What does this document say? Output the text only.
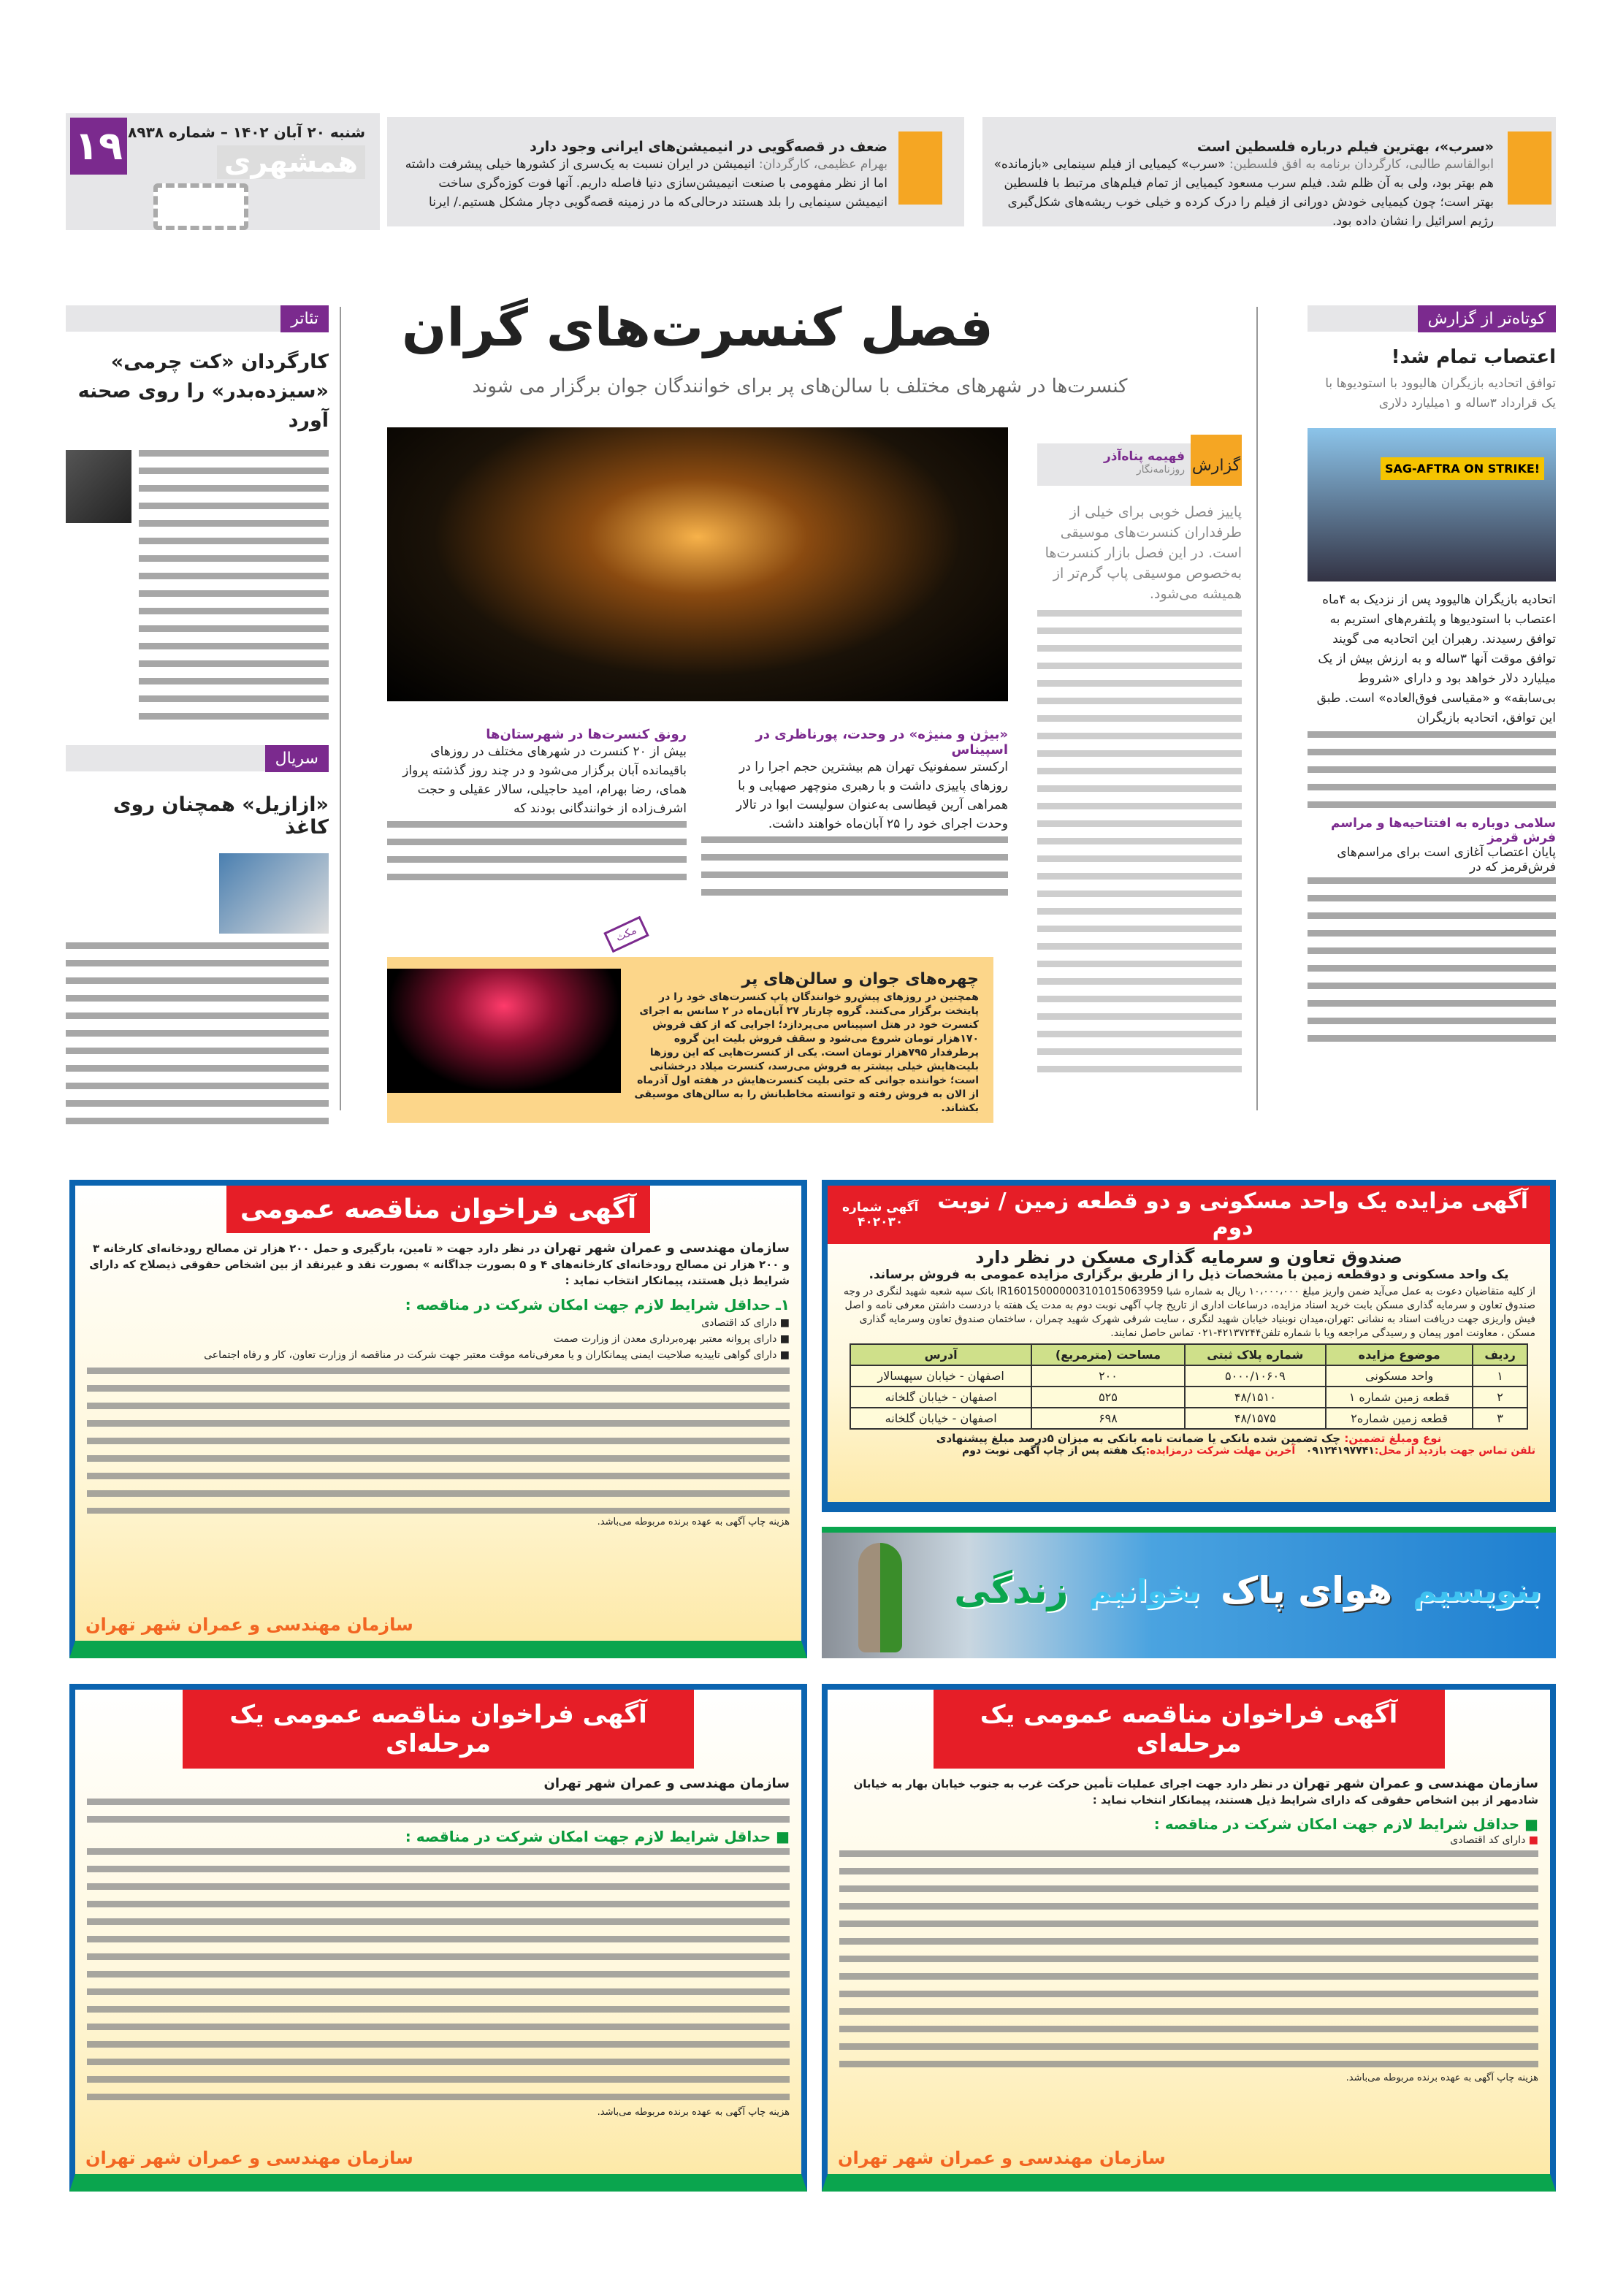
۱۹ شنبه ۲۰ آبان ۱۴۰۲ – شماره ۸۹۳۸
همشهری	«سرب»، بهترین فیلم درباره فلسطین است
ابوالقاسم طالبی، کارگردان برنامه به افق فلسطین: «سرب» کیمیایی از فیلم سینمایی «بازمانده» هم بهتر بود، ولی به آن ظلم شد. فیلم سرب مسعود کیمیایی از تمام فیلم‌های مرتبط با فلسطین بهتر است؛ چون کیمیایی خودش دورانی از فیلم را درک کرده و خیلی خوب ریشه‌های شکل‌گیری رژیم اسرائیل را نشان داده بود.
ضعف در قصه‌گویی در انیمیشن‌های ایرانی وجود دارد
بهرام عظیمی، کارگردان: انیمیشن در ایران نسبت به یک‌سری از کشورها خیلی پیشرفت داشته اما از نظر مفهومی با صنعت انیمیشن‌سازی دنیا فاصله داریم. آنها فوت کوزه‌گری ساخت انیمیشن سینمایی را بلد هستند درحالی‌که ما در زمینه قصه‌گویی دچار مشکل هستیم./ ایرنا
تئاتر
کارگردان «کت چرمی» «سیزده‌بدر» را روی صحنه آورد
سریال
«ازازیل» همچنان روی کاغذ
فصل کنسرت‌های گران
کنسرت‌ها در شهرهای مختلف با سالن‌های پر برای خوانندگان جوان برگزار می شوند
گزارش
فهیمه پناه‌آذر
روزنامه‌نگار
پاییز فصل خوبی برای خیلی از طرفداران کنسرت‌های موسیقی است. در این فصل بازار کنسرت‌ها به‌خصوص موسیقی پاپ گرم‌تر از همیشه می‌شود.
«بیژن و منیژه» در وحدت، پورناظری در اسپیناس
ارکستر سمفونیک تهران هم بیشترین حجم اجرا را در روزهای پاییزی داشت و با رهبری منوچهر صهبایی و با همراهی آرین قیطاسی به‌عنوان سولیست ابوا در تالار وحدت اجرای خود را ۲۵ آبان‌ماه خواهند داشت.
رونق کنسرت‌ها در شهرستان‌ها
بیش از ۲۰ کنسرت در شهرهای مختلف در روزهای باقیمانده آبان برگزار می‌شود و در چند روز گذشته پرواز همای، رضا بهرام، امید حاجیلی، سالار عقیلی و حجت اشرف‌زاده از خوانندگانی بودند که
مکث
چهره‌های جوان و سالن‌های پر
همچنین در روزهای پیش‌رو خوانندگان پاپ کنسرت‌های خود را در پایتخت برگزار می‌کنند. گروه چارتار ۲۷ آبان‌ماه در ۲ سانس به اجرای کنسرت خود در هتل اسپیناس می‌پردازد؛ اجرایی که از کف فروش ۱۷۰هزار تومان شروع می‌شود و سقف فروش بلیت این گروه پرطرفدار ۷۹۵هزار تومان است. یکی از کنسرت‌هایی که این روزها بلیت‌هایش خیلی بیشتر به فروش می‌رسد، کنسرت میلاد درخشانی است؛ خواننده جوانی که حتی بلیت کنسرت‌هایش در هفته اول آذرماه از الان به فروش رفته و توانسته مخاطبانش را به سالن‌های موسیقی بکشاند.
کوتاه‌تر از گزارش
اعتصاب تمام شد!
توافق اتحادیه بازیگران هالیوود با استودیوها با یک قرارداد ۳ساله و ۱میلیارد دلاری
SAG-AFTRA ON STRIKE!
اتحادیه بازیگران هالیوود پس از نزدیک به ۴ماه اعتصاب با استودیوها و پلتفرم‌های استریم به توافق رسیدند. رهبران این اتحادیه می گویند توافق موقت آنها ۳ساله و به ارزش بیش از یک میلیارد دلار خواهد بود و دارای «شروط بی‌سابقه» و «مقیاسی فوق‌العاده» است. طبق این توافق، اتحادیه بازیگران
سلامی دوباره به افتتاحیه‌ها و مراسم فرش قرمز
پایان اعتصاب آغازی است برای مراسم‌های فرش‌قرمز که در
آگهی مزایده یک واحد مسکونی و دو قطعه زمین / نوبت دوم
آگهی شماره
۴۰۲۰۳۰
صندوق تعاون و سرمایه گذاری مسکن در نظر دارد
یک واحد مسکونی و دوقطعه زمین با مشخصات ذیل را از طریق برگزاری مزایده عمومی به فروش برساند.
از کلیه متقاضیان دعوت به عمل می‌آید ضمن واریز مبلغ ۱۰،۰۰۰،۰۰۰ ریال به شماره شبا IR160150000003101015063959 بانک سپه شعبه شهید لنگری در وجه صندوق تعاون و سرمایه گذاری مسکن بابت خرید اسناد مزایده، درساعات اداری از تاریخ چاپ آگهی نوبت دوم به مدت یک هفته با دردست داشتن معرفی نامه و اصل فیش واریزی جهت دریافت اسناد به نشانی :تهران،میدان نوبنیاد خیابان شهید لنگری ، سایت شرقی شهرک شهید چمران ، ساختمان صندوق تعاون وسرمایه گذاری مسکن ، معاونت امور پیمان و رسیدگی مراجعه ویا با شماره تلفن۴۲۱۳۷۲۴۴-۰۲۱ تماس حاصل نمایند.
ردیف	موضوع مزایده	شماره پلاک ثبتی	مساحت (مترمربع)	آدرس
۱	واحد مسکونی	۵۰۰۰/۱۰۶۰۹	۲۰۰	اصفهان - خیابان سپهسالار
۲	قطعه زمین شماره ۱	۴۸/۱۵۱۰	۵۲۵	اصفهان - خیابان گلخانه
۳	قطعه زمین شماره۲	۴۸/۱۵۷۵	۶۹۸	اصفهان - خیابان گلخانه
نوع ومبلغ تضمین: چک تضمین شده بانکی یا ضمانت نامه بانکی به میزان ۵درصد مبلغ پیشنهادی
تلفن تماس جهت بازدید از محل:۰۹۱۲۴۱۹۷۷۴۱   آخرین مهلت شرکت درمزایده:یک هفته پس از چاپ آگهی نوبت دوم
بنویسیم
هوای پاک
بخوانیم
زندگی
آگهی فراخوان مناقصه عمومی
سازمان مهندسی و عمران شهر تهران در نظر دارد جهت « تامین، بارگیری و حمل ۲۰۰ هزار تن مصالح رودخانه‌ای کارخانه ۳ و ۲۰۰ هزار تن مصالح رودخانه‌ای کارخانه‌های ۴ و ۵ بصورت جداگانه » بصورت نقد و غیرنقد از بین اشخاص حقوقی ذیصلاح که دارای شرایط ذیل هستند، پیمانکار انتخاب نماید :
۱ـ حداقل شرایط لازم جهت امکان شرکت در مناقصه :
■ دارای کد اقتصادی
■ دارای پروانه معتبر بهره‌برداری معدن از وزارت صمت
■ دارای گواهی تاییدیه صلاحیت ایمنی پیمانکاران و یا معرفی‌نامه موقت معتبر جهت شرکت در مناقصه از وزارت تعاون، کار و رفاه اجتماعی
هزینه چاپ آگهی به عهده برنده مربوطه می‌باشد.
سازمان مهندسی و عمران شهر تهران
آگهی فراخوان مناقصه عمومی یک مرحله‌ای
سازمان مهندسی و عمران شهر تهران در نظر دارد جهت اجرای عملیات تأمین حرکت غرب به جنوب خیابان بهار به خیابان شادمهر از بین اشخاص حقوقی که دارای شرایط ذیل هستند، پیمانکار انتخاب نماید :
■ حداقل شرایط لازم جهت امکان شرکت در مناقصه :
■ دارای کد اقتصادی
هزینه چاپ آگهی به عهده برنده مربوطه می‌باشد.
سازمان مهندسی و عمران شهر تهران
آگهی فراخوان مناقصه عمومی یک مرحله‌ای
سازمان مهندسی و عمران شهر تهران
■ حداقل شرایط لازم جهت امکان شرکت در مناقصه :
هزینه چاپ آگهی به عهده برنده مربوطه می‌باشد.
سازمان مهندسی و عمران شهر تهران
